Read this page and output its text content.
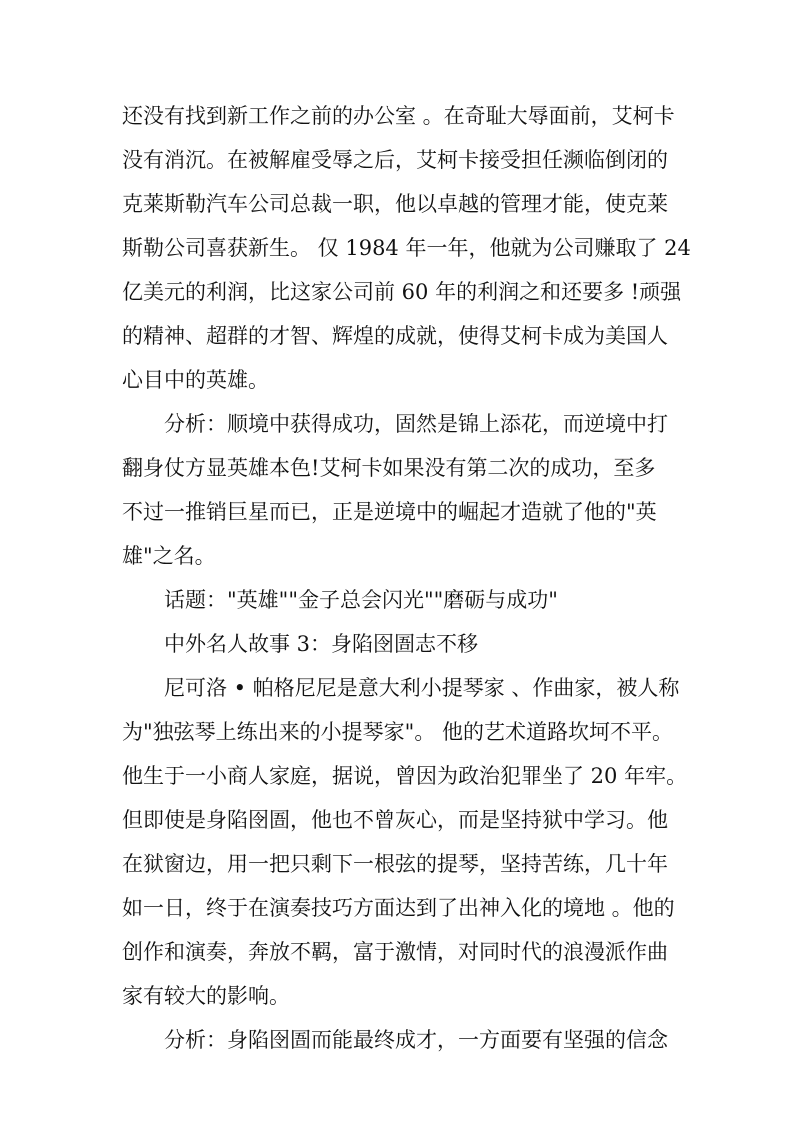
还没有找到新工作之前的办公室 。在奇耻大辱面前，艾柯卡

没有消沉。在被解雇受辱之后，艾柯卡接受担任濒临倒闭的

克莱斯勒汽车公司总裁一职，他以卓越的管理才能，使克莱

斯勒公司喜获新生。 仅 1984 年一年，他就为公司赚取了 24

亿美元的利润，比这家公司前 60 年的利润之和还要多 !顽强

的精神、超群的才智、辉煌的成就，使得艾柯卡成为美国人

心目中的英雄。

分析：顺境中获得成功，固然是锦上添花，而逆境中打

翻身仗方显英雄本色!艾柯卡如果没有第二次的成功，至多

不过一推销巨星而已，正是逆境中的崛起才造就了他的"英

雄"之名。

话题："英雄""金子总会闪光""磨砺与成功"

中外名人故事 3：身陷囹圄志不移

尼可洛 • 帕格尼尼是意大利小提琴家 、作曲家，被人称

为"独弦琴上练出来的小提琴家"。 他的艺术道路坎坷不平。

他生于一小商人家庭，据说，曾因为政治犯罪坐了 20 年牢。

但即使是身陷囹圄，他也不曾灰心，而是坚持狱中学习。他

在狱窗边，用一把只剩下一根弦的提琴，坚持苦练，几十年

如一日，终于在演奏技巧方面达到了出神入化的境地 。他的

创作和演奏，奔放不羁，富于激情，对同时代的浪漫派作曲

家有较大的影响。

分析：身陷囹圄而能最终成才，一方面要有坚强的信念
